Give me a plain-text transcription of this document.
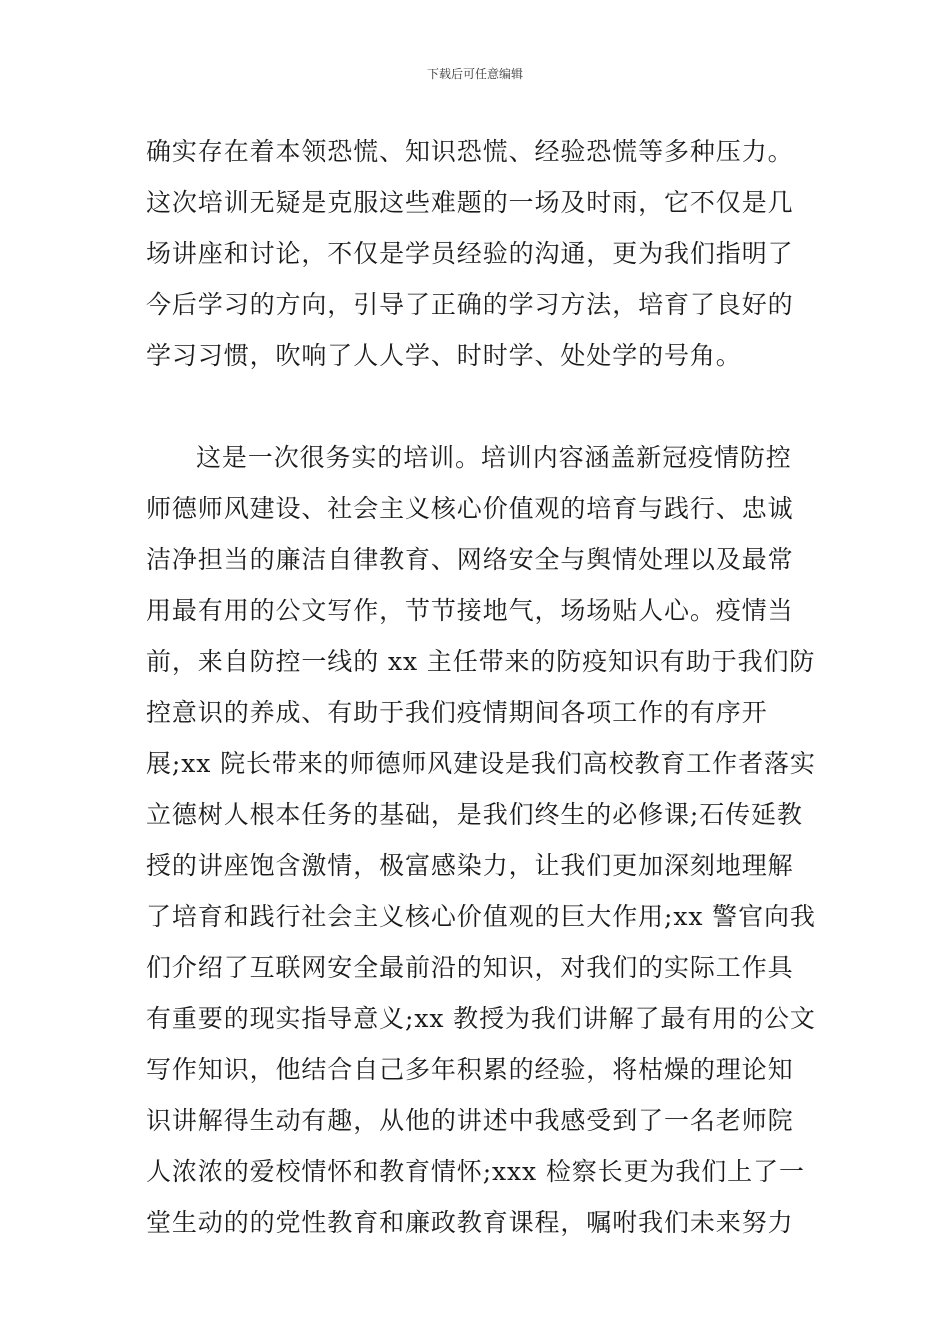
下载后可任意编辑
确实存在着本领恐慌、知识恐慌、经验恐慌等多种压力。
这次培训无疑是克服这些难题的一场及时雨，它不仅是几
场讲座和讨论，不仅是学员经验的沟通，更为我们指明了
今后学习的方向，引导了正确的学习方法，培育了良好的
学习习惯，吹响了人人学、时时学、处处学的号角。
这是一次很务实的培训。培训内容涵盖新冠疫情防控
师德师风建设、社会主义核心价值观的培育与践行、忠诚
洁净担当的廉洁自律教育、网络安全与舆情处理以及最常
用最有用的公文写作，节节接地气，场场贴人心。疫情当
前，来自防控一线的 xx 主任带来的防疫知识有助于我们防
控意识的养成、有助于我们疫情期间各项工作的有序开
展;xx 院长带来的师德师风建设是我们高校教育工作者落实
立德树人根本任务的基础，是我们终生的必修课;石传延教
授的讲座饱含激情，极富感染力，让我们更加深刻地理解
了培育和践行社会主义核心价值观的巨大作用;xx 警官向我
们介绍了互联网安全最前沿的知识，对我们的实际工作具
有重要的现实指导意义;xx 教授为我们讲解了最有用的公文
写作知识，他结合自己多年积累的经验，将枯燥的理论知
识讲解得生动有趣，从他的讲述中我感受到了一名老师院
人浓浓的爱校情怀和教育情怀;xxx 检察长更为我们上了一
堂生动的的党性教育和廉政教育课程，嘱咐我们未来努力
